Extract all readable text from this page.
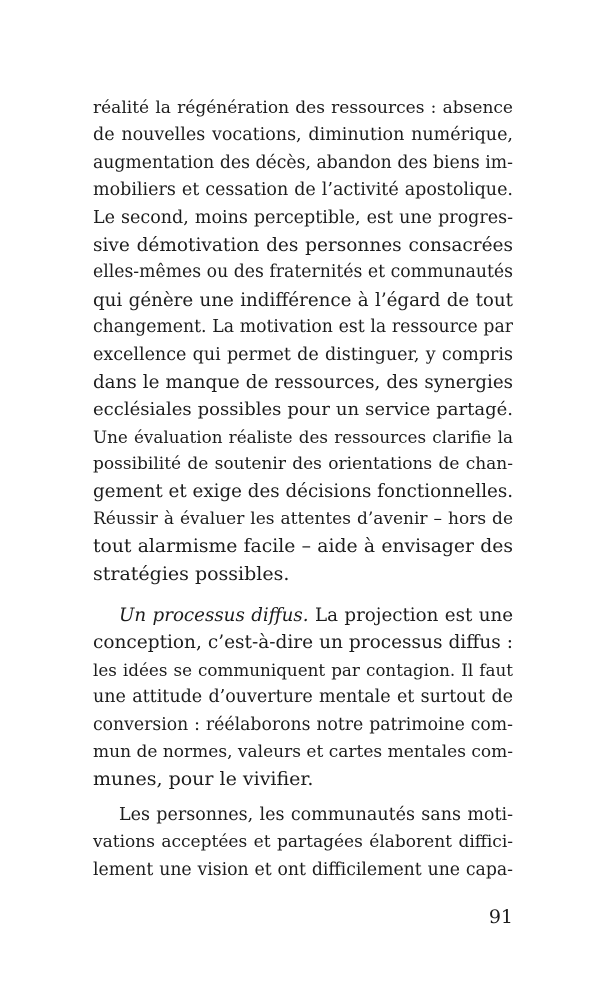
réalité la régénération des ressources : absence
de nouvelles vocations, diminution numérique,
augmentation des décès, abandon des biens im-
mobiliers et cessation de l’activité apostolique.
Le second, moins perceptible, est une progres-
sive démotivation des personnes consacrées
elles-mêmes ou des fraternités et communautés
qui génère une indifférence à l’égard de tout
changement. La motivation est la ressource par
excellence qui permet de distinguer, y compris
dans le manque de ressources, des synergies
ecclésiales possibles pour un service partagé.
Une évaluation réaliste des ressources clarifie la
possibilité de soutenir des orientations de chan-
gement et exige des décisions fonctionnelles.
Réussir à évaluer les attentes d’avenir – hors de
tout alarmisme facile – aide à envisager des
stratégies possibles.
Un processus diffus. La projection est une
conception, c’est-à-dire un processus diffus :
les idées se communiquent par contagion. Il faut
une attitude d’ouverture mentale et surtout de
conversion : réélaborons notre patrimoine com-
mun de normes, valeurs et cartes mentales com-
munes, pour le vivifier.
Les personnes, les communautés sans moti-
vations acceptées et partagées élaborent diffici-
lement une vision et ont difficilement une capa-
91
